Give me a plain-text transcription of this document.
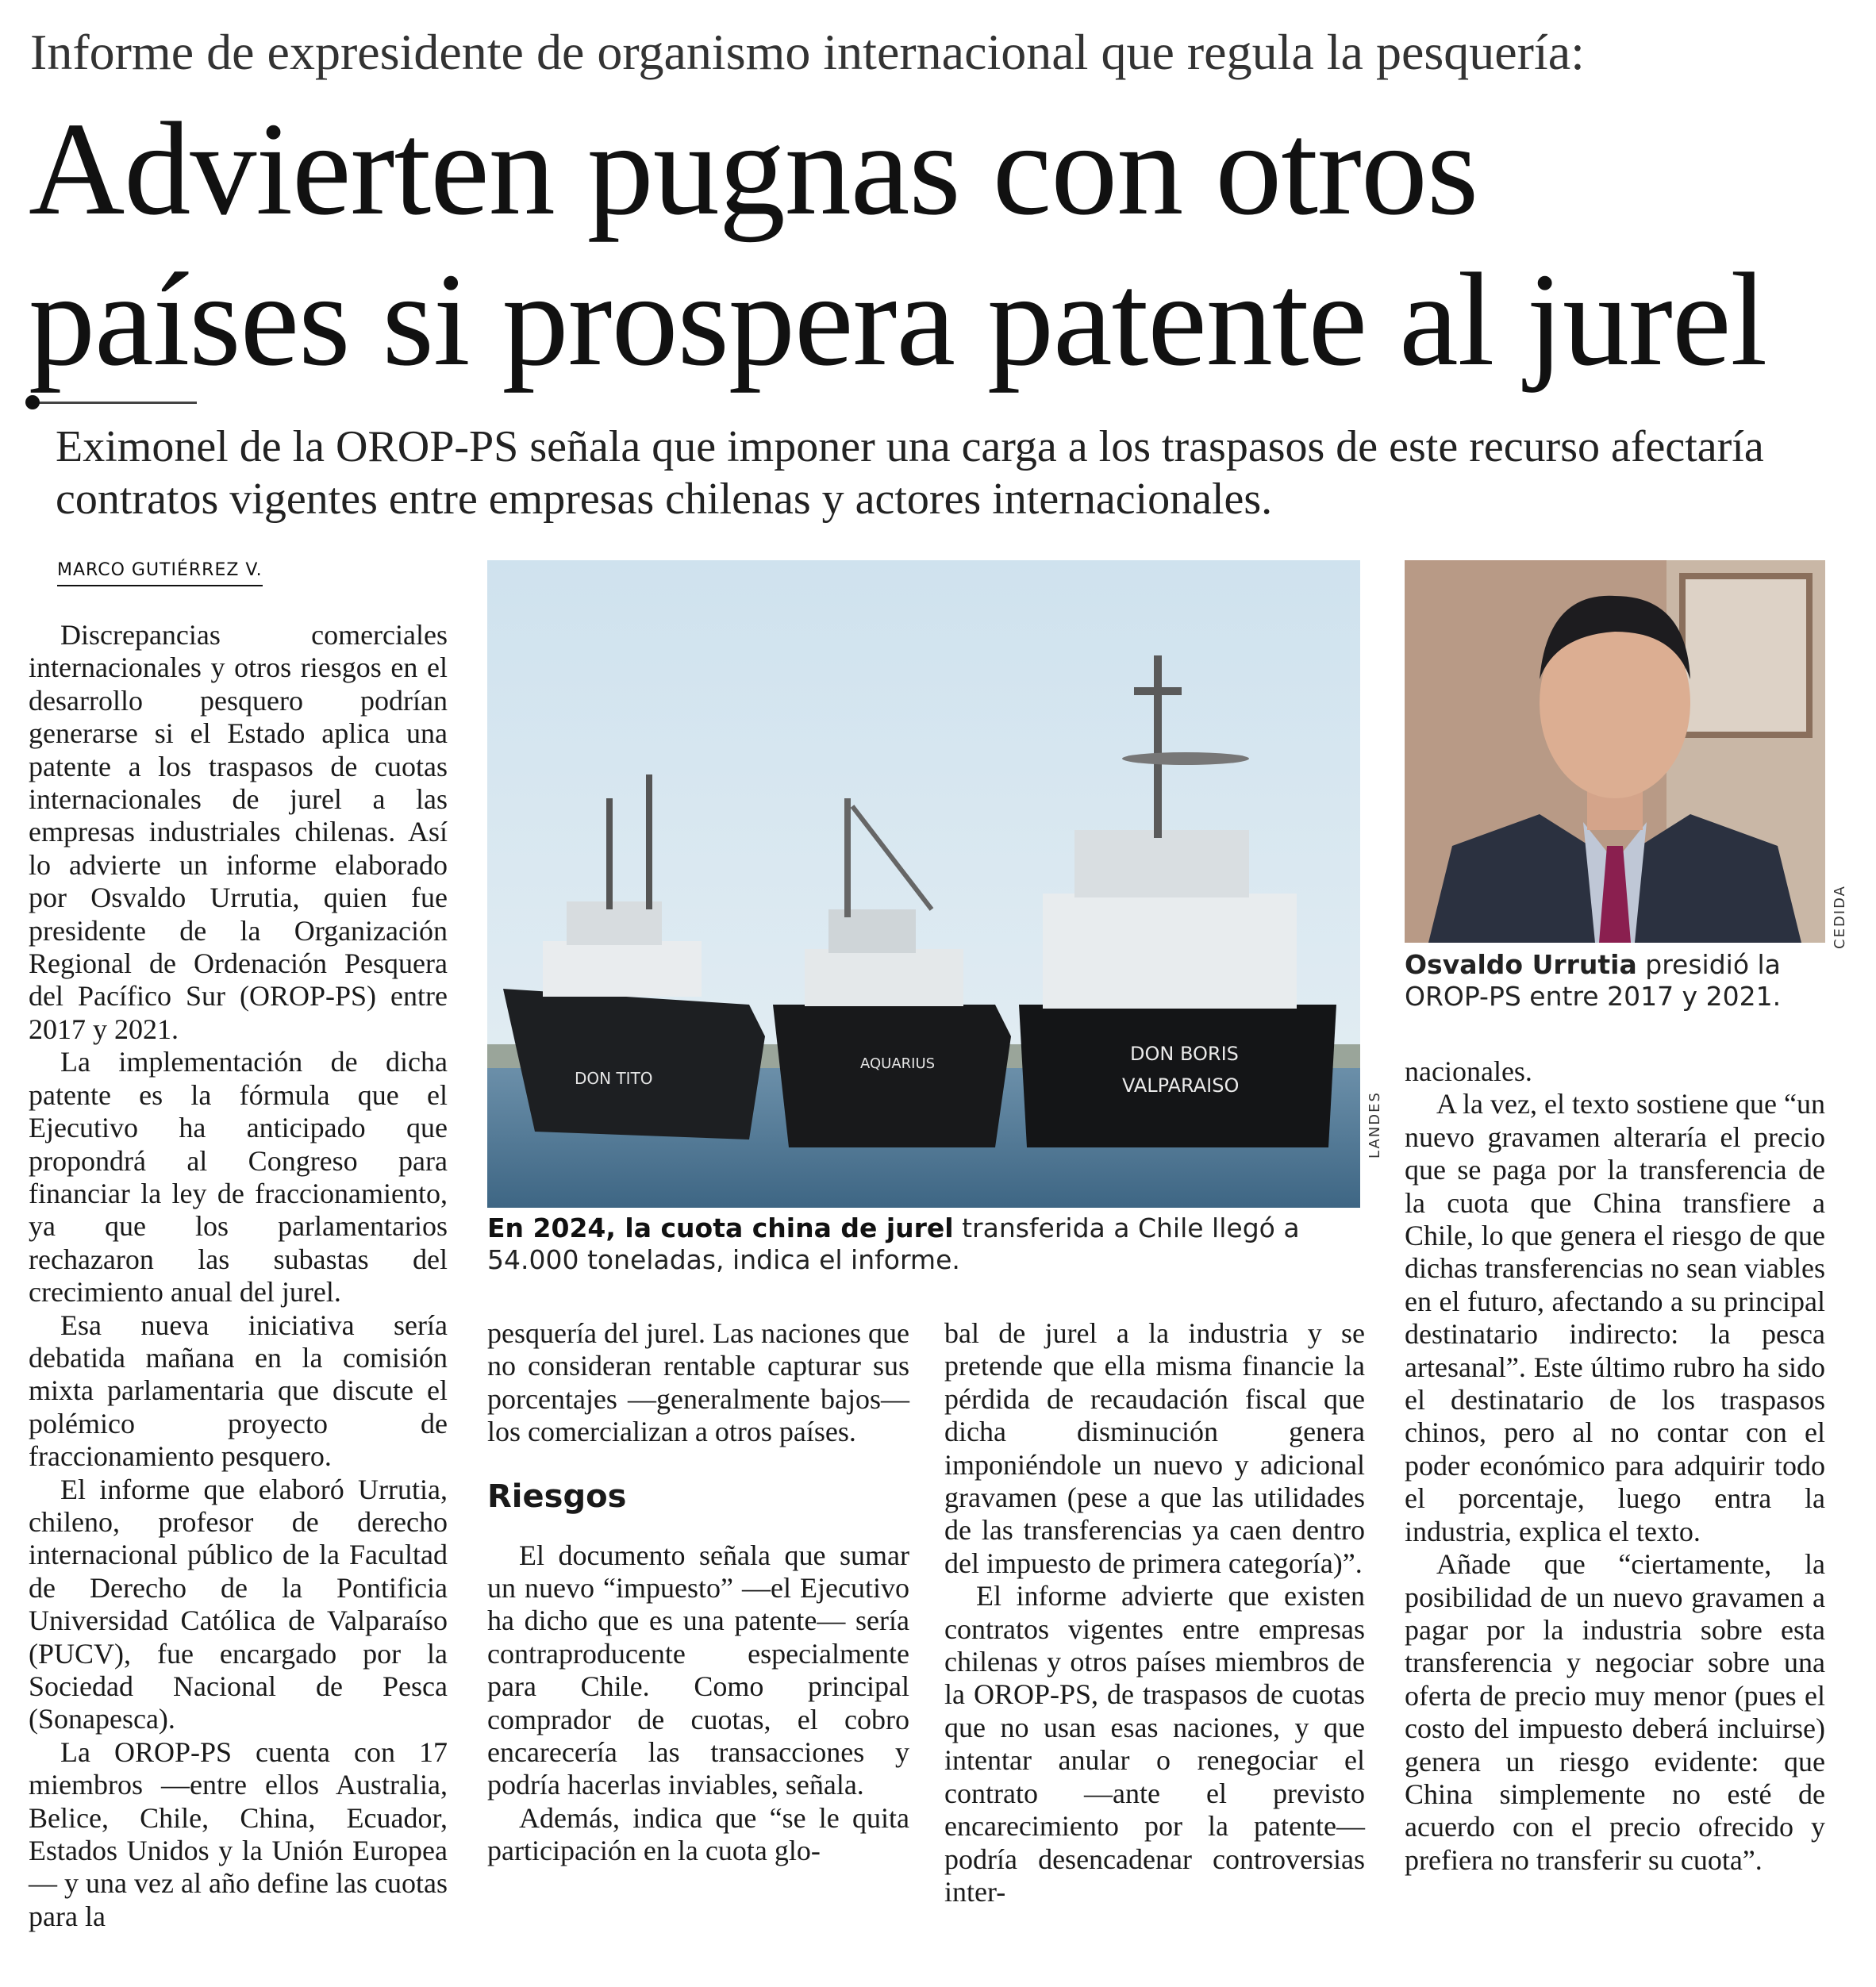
Informe de expresidente de organismo internacional que regula la pesquería:
Advierten pugnas con otros
países si prospera patente al jurel
Eximonel de la OROP-PS señala que imponer una carga a los traspasos de este recurso afectaría contratos vigentes entre empresas chilenas y actores internacionales.
MARCO GUTIÉRREZ V.

Discrepancias comerciales internacionales y otros riesgos en el desarrollo pesquero podrían generarse si el Estado aplica una patente a los traspasos de cuotas internacionales de jurel a las empresas industriales chilenas. Así lo advierte un informe elaborado por Osvaldo Urrutia, quien fue presidente de la Organización Regional de Ordenación Pesquera del Pacífico Sur (OROP-PS) entre 2017 y 2021.

La implementación de dicha patente es la fórmula que el Ejecutivo ha anticipado que propondrá al Congreso para financiar la ley de fraccionamiento, ya que los parlamentarios rechazaron las subastas del crecimiento anual del jurel.

Esa nueva iniciativa sería debatida mañana en la comisión mixta parlamentaria que discute el polémico proyecto de fraccionamiento pesquero.

El informe que elaboró Urrutia, chileno, profesor de derecho internacional público de la Facultad de Derecho de la Pontificia Universidad Católica de Valparaíso (PUCV), fue encargado por la Sociedad Nacional de Pesca (Sonapesca).

La OROP-PS cuenta con 17 miembros —entre ellos Australia, Belice, Chile, China, Ecuador, Estados Unidos y la Unión Europea— y una vez al año define las cuotas para la

DON TITO
AQUARIUS	DON BORIS
VALPARAISO
LANDES
En 2024, la cuota china de jurel transferida a Chile llegó a 54.000 toneladas, indica el informe.
CEDIDA
Osvaldo Urrutia presidió la OROP-PS entre 2017 y 2021.

pesquería del jurel. Las naciones que no consideran rentable capturar sus porcentajes —generalmente bajos— los comercializan a otros países.

Riesgos

El documento señala que sumar un nuevo “impuesto” —el Ejecutivo ha dicho que es una patente— sería contraproducente especialmente para Chile. Como principal comprador de cuotas, el cobro encarecería las transacciones y podría hacerlas inviables, señala.

Además, indica que “se le quita participación en la cuota glo-

bal de jurel a la industria y se pretende que ella misma financie la pérdida de recaudación fiscal que dicha disminución genera imponiéndole un nuevo y adicional gravamen (pese a que las utilidades de las transferencias ya caen dentro del impuesto de primera categoría)”.

El informe advierte que existen contratos vigentes entre empresas chilenas y otros países miembros de la OROP-PS, de traspasos de cuotas que no usan esas naciones, y que intentar anular o renegociar el contrato —ante el previsto encarecimiento por la patente— podría desencadenar controversias inter-

nacionales.

A la vez, el texto sostiene que “un nuevo gravamen alteraría el precio que se paga por la transferencia de la cuota que China transfiere a Chile, lo que genera el riesgo de que dichas transferencias no sean viables en el futuro, afectando a su principal destinatario indirecto: la pesca artesanal”. Este último rubro ha sido el destinatario de los traspasos chinos, pero al no contar con el poder económico para adquirir todo el porcentaje, luego entra la industria, explica el texto.

Añade que “ciertamente, la posibilidad de un nuevo gravamen a pagar por la industria sobre esta transferencia y negociar sobre una oferta de precio muy menor (pues el costo del impuesto deberá incluirse) genera un riesgo evidente: que China simplemente no esté de acuerdo con el precio ofrecido y prefiera no transferir su cuota”.
